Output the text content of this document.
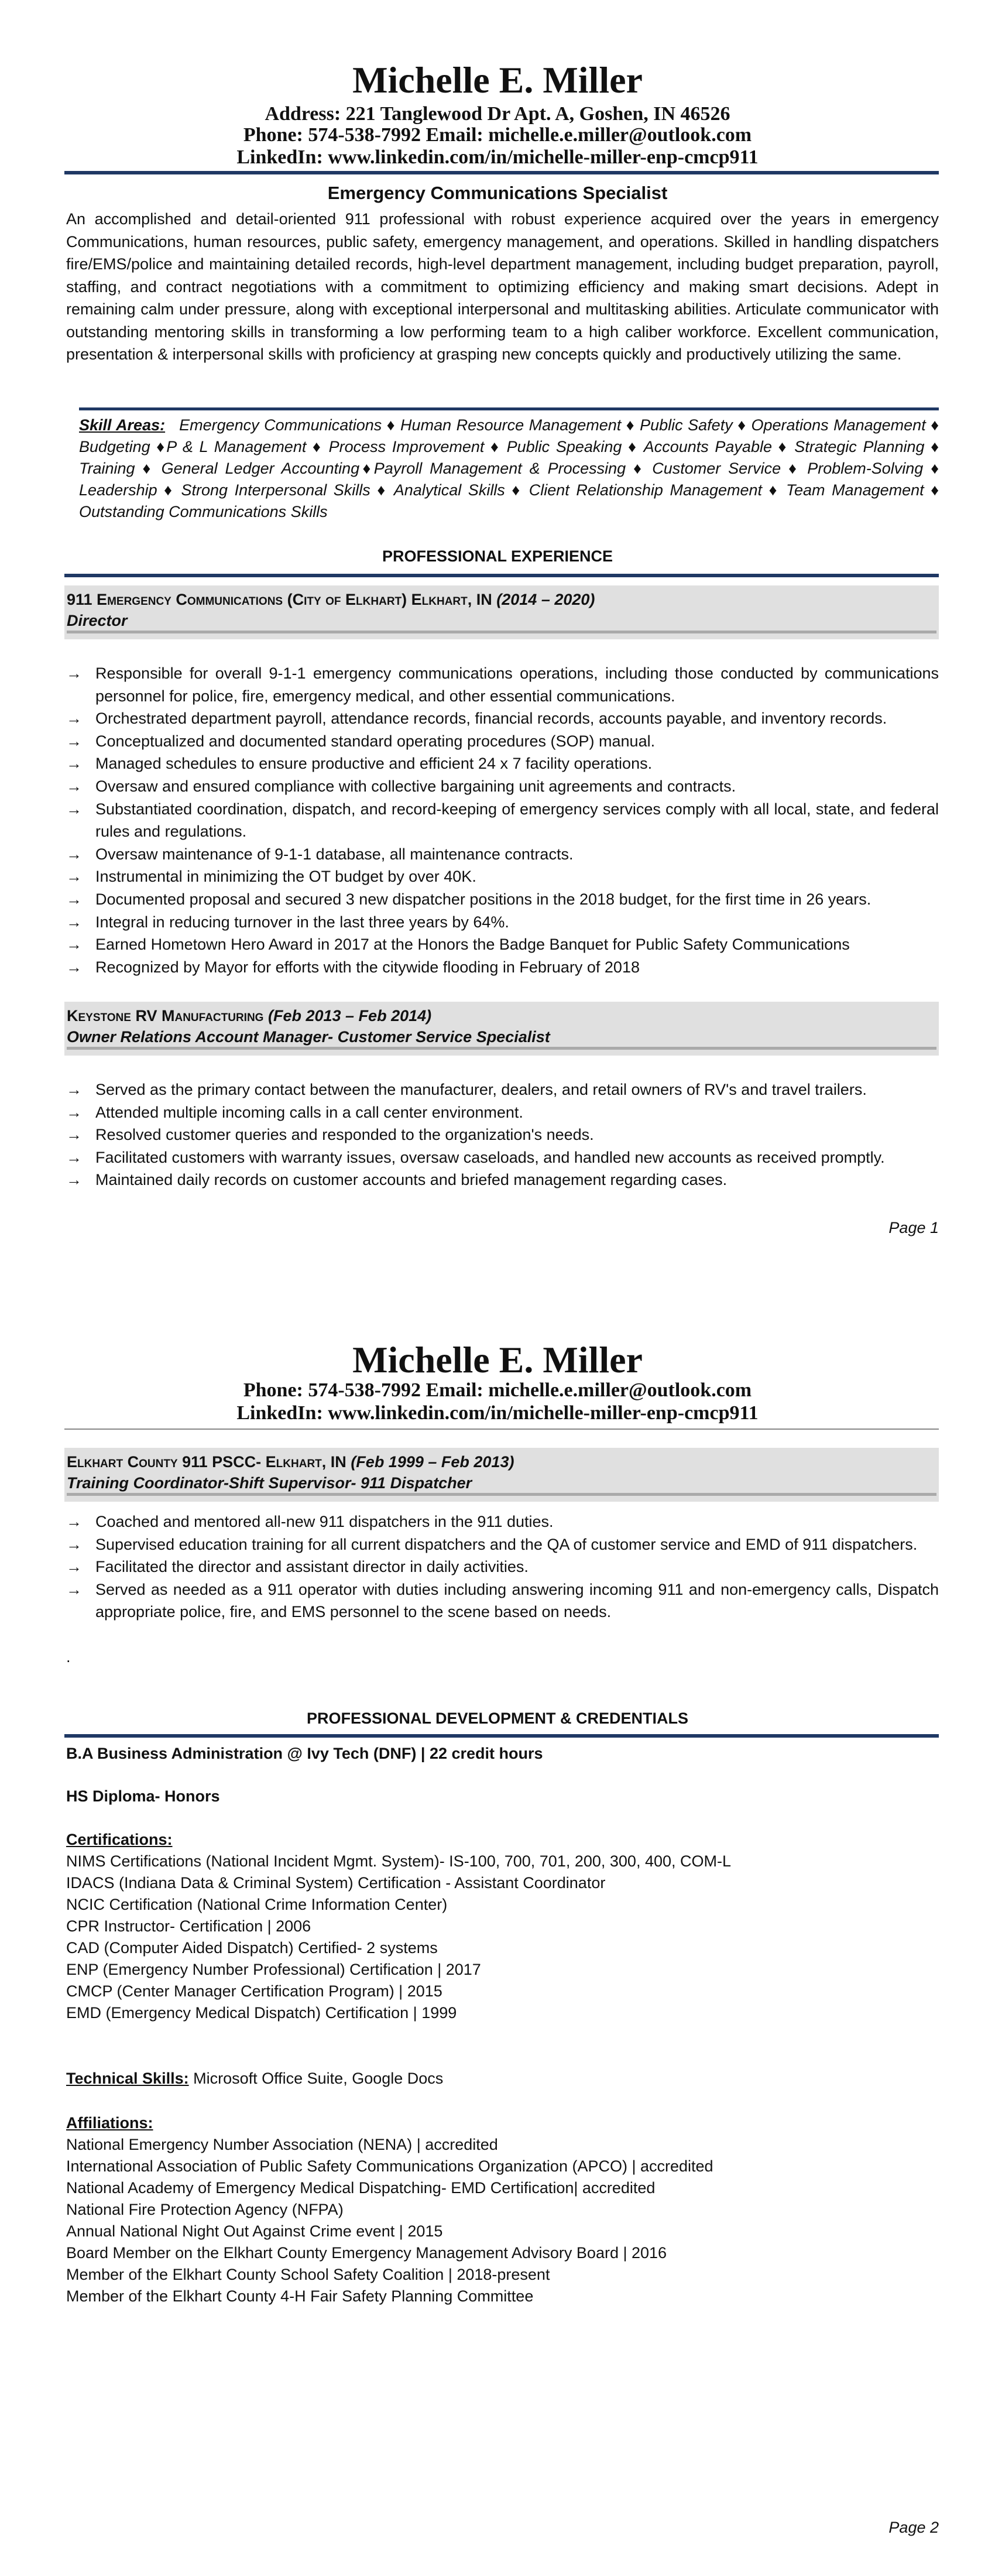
Michelle E. Miller
Address: 221 Tanglewood Dr Apt. A, Goshen, IN 46526
Phone: 574-538-7992 Email: michelle.e.miller@outlook.com
LinkedIn: www.linkedin.com/in/michelle-miller-enp-cmcp911
Emergency Communications Specialist
An accomplished and detail-oriented 911 professional with robust experience acquired over the years in emergency Communications, human resources, public safety, emergency management, and operations. Skilled in handling dispatchers fire/EMS/police and maintaining detailed records, high-level department management, including budget preparation, payroll, staffing, and contract negotiations with a commitment to optimizing efficiency and making smart decisions. Adept in remaining calm under pressure, along with exceptional interpersonal and multitasking abilities. Articulate communicator with outstanding mentoring skills in transforming a low performing team to a high caliber workforce. Excellent communication, presentation & interpersonal skills with proficiency at grasping new concepts quickly and productively utilizing the same.
Skill Areas: Emergency Communications ♦ Human Resource Management ♦ Public Safety ♦ Operations Management ♦ Budgeting ♦P & L Management ♦ Process Improvement ♦ Public Speaking ♦ Accounts Payable ♦ Strategic Planning ♦ Training ♦ General Ledger Accounting♦Payroll Management & Processing ♦ Customer Service ♦ Problem-Solving ♦ Leadership ♦ Strong Interpersonal Skills ♦ Analytical Skills ♦ Client Relationship Management ♦ Team Management ♦ Outstanding Communications Skills
PROFESSIONAL EXPERIENCE
911 Emergency Communications (City of Elkhart) Elkhart, IN (2014 – 2020)
Director
→ Responsible for overall 9-1-1 emergency communications operations, including those conducted by communications personnel for police, fire, emergency medical, and other essential communications.
→ Orchestrated department payroll, attendance records, financial records, accounts payable, and inventory records.
→ Conceptualized and documented standard operating procedures (SOP) manual.
→ Managed schedules to ensure productive and efficient 24 x 7 facility operations.
→ Oversaw and ensured compliance with collective bargaining unit agreements and contracts.
→ Substantiated coordination, dispatch, and record-keeping of emergency services comply with all local, state, and federal rules and regulations.
→ Oversaw maintenance of 9-1-1 database, all maintenance contracts.
→ Instrumental in minimizing the OT budget by over 40K.
→ Documented proposal and secured 3 new dispatcher positions in the 2018 budget, for the first time in 26 years.
→ Integral in reducing turnover in the last three years by 64%.
→ Earned Hometown Hero Award in 2017 at the Honors the Badge Banquet for Public Safety Communications
→ Recognized by Mayor for efforts with the citywide flooding in February of 2018
Keystone RV Manufacturing (Feb 2013 – Feb 2014)
Owner Relations Account Manager- Customer Service Specialist
→ Served as the primary contact between the manufacturer, dealers, and retail owners of RV's and travel trailers.
→ Attended multiple incoming calls in a call center environment.
→ Resolved customer queries and responded to the organization's needs.
→ Facilitated customers with warranty issues, oversaw caseloads, and handled new accounts as received promptly.
→ Maintained daily records on customer accounts and briefed management regarding cases.
Page 1
Michelle E. Miller
Phone: 574-538-7992 Email: michelle.e.miller@outlook.com
LinkedIn: www.linkedin.com/in/michelle-miller-enp-cmcp911
Elkhart County 911 PSCC- Elkhart, IN (Feb 1999 – Feb 2013)
Training Coordinator-Shift Supervisor- 911 Dispatcher
→ Coached and mentored all-new 911 dispatchers in the 911 duties.
→ Supervised education training for all current dispatchers and the QA of customer service and EMD of 911 dispatchers.
→ Facilitated the director and assistant director in daily activities.
→ Served as needed as a 911 operator with duties including answering incoming 911 and non-emergency calls, Dispatch appropriate police, fire, and EMS personnel to the scene based on needs.
.
PROFESSIONAL DEVELOPMENT & CREDENTIALS
B.A Business Administration @ Ivy Tech (DNF) | 22 credit hours
HS Diploma- Honors
Certifications:
NIMS Certifications (National Incident Mgmt. System)- IS-100, 700, 701, 200, 300, 400, COM-L
IDACS (Indiana Data & Criminal System) Certification - Assistant Coordinator
NCIC Certification (National Crime Information Center)
CPR Instructor- Certification | 2006
CAD (Computer Aided Dispatch) Certified- 2 systems
ENP (Emergency Number Professional) Certification | 2017
CMCP (Center Manager Certification Program) | 2015
EMD (Emergency Medical Dispatch) Certification | 1999
Technical Skills: Microsoft Office Suite, Google Docs
Affiliations:
National Emergency Number Association (NENA) | accredited
International Association of Public Safety Communications Organization (APCO) | accredited
National Academy of Emergency Medical Dispatching- EMD Certification| accredited
National Fire Protection Agency (NFPA)
Annual National Night Out Against Crime event | 2015
Board Member on the Elkhart County Emergency Management Advisory Board | 2016
Member of the Elkhart County School Safety Coalition | 2018-present
Member of the Elkhart County 4-H Fair Safety Planning Committee
Page 2
